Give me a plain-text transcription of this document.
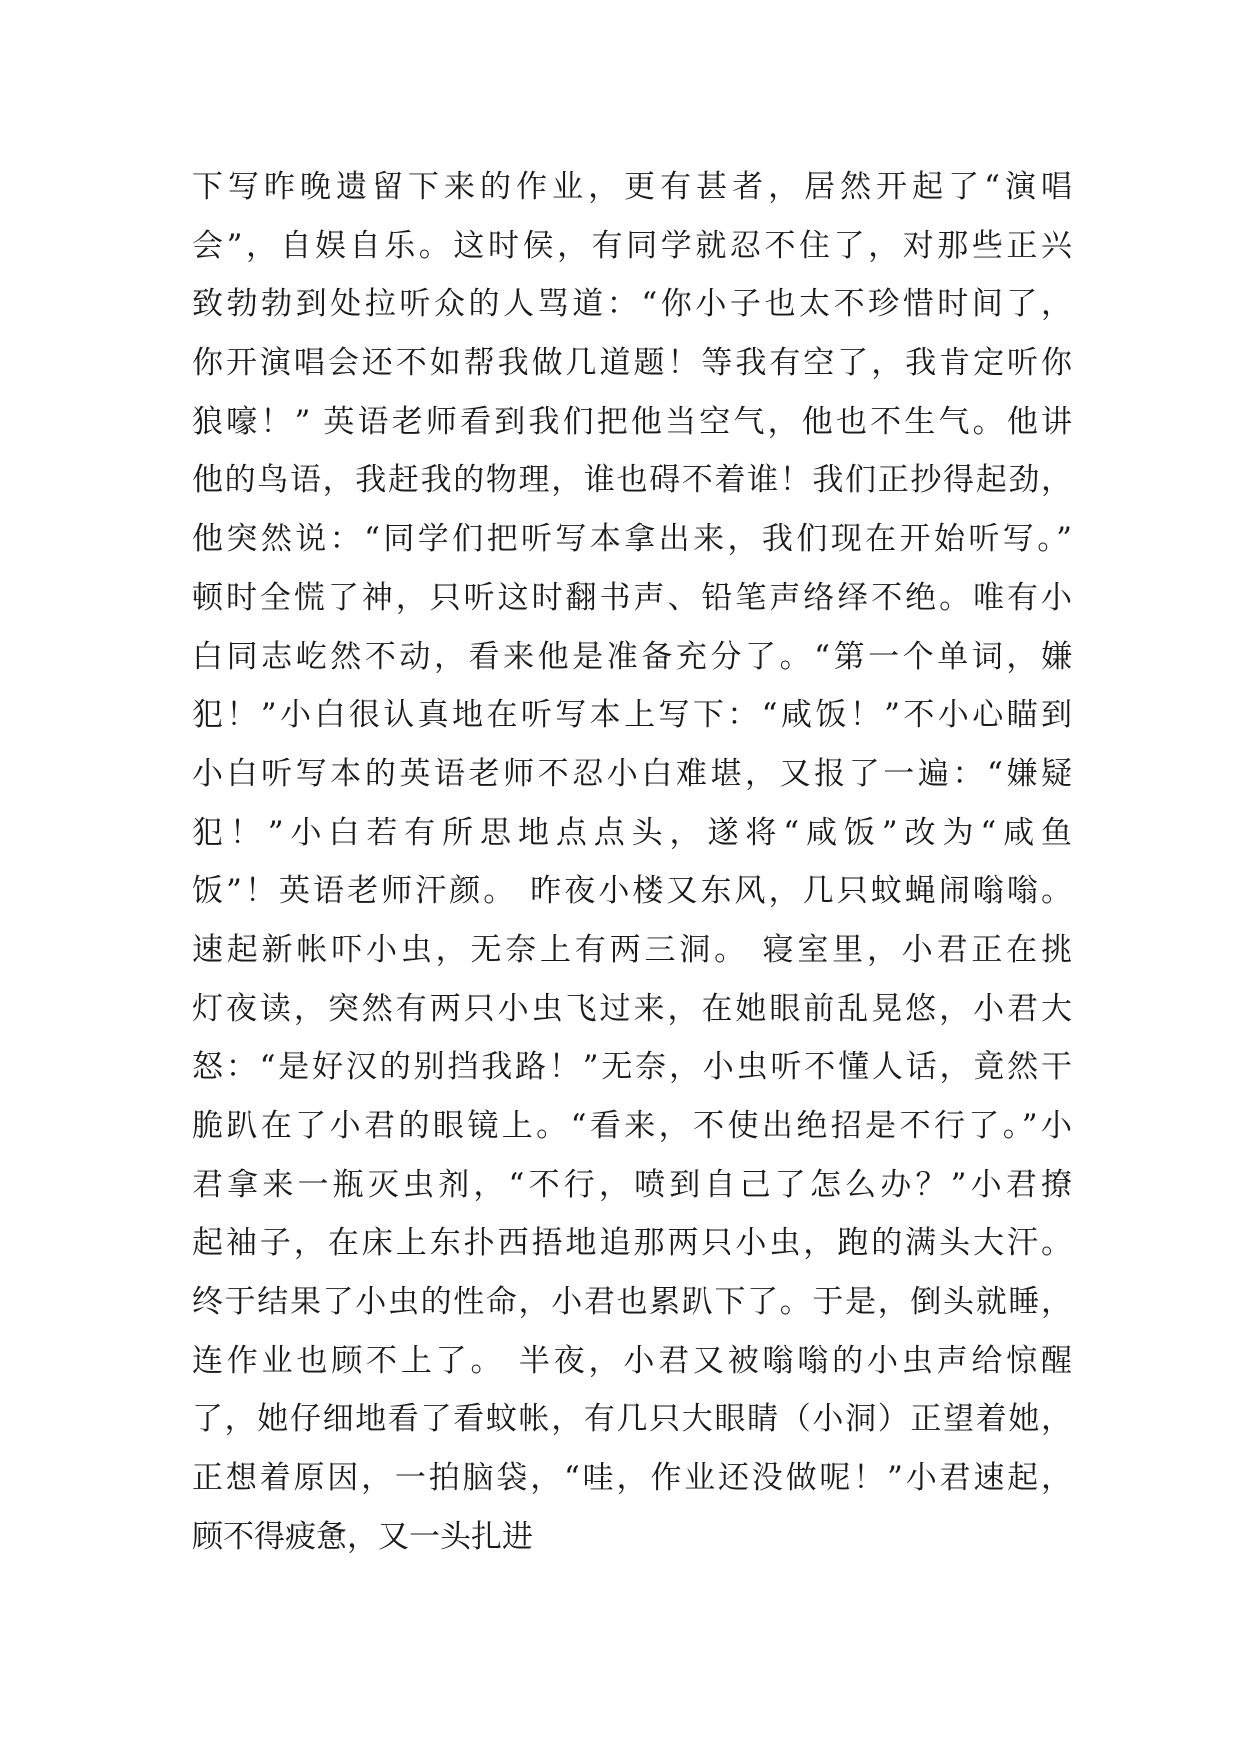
下写昨晚遗留下来的作业，更有甚者，居然开起了“演唱
会”，自娱自乐。这时侯，有同学就忍不住了，对那些正兴
致勃勃到处拉听众的人骂道：“你小子也太不珍惜时间了，
你开演唱会还不如帮我做几道题！等我有空了，我肯定听你
狼嚎！” 英语老师看到我们把他当空气，他也不生气。他讲
他的鸟语，我赶我的物理，谁也碍不着谁！我们正抄得起劲，
他突然说：“同学们把听写本拿出来，我们现在开始听写。”
顿时全慌了神，只听这时翻书声、铅笔声络绎不绝。唯有小
白同志屹然不动，看来他是准备充分了。“第一个单词，嫌
犯！”小白很认真地在听写本上写下：“咸饭！”不小心瞄到
小白听写本的英语老师不忍小白难堪，又报了一遍：“嫌疑
犯！”小白若有所思地点点头，遂将“咸饭”改为“咸鱼
饭”！英语老师汗颜。 昨夜小楼又东风，几只蚊蝇闹嗡嗡。
速起新帐吓小虫，无奈上有两三洞。 寝室里，小君正在挑
灯夜读，突然有两只小虫飞过来，在她眼前乱晃悠，小君大
怒：“是好汉的别挡我路！”无奈，小虫听不懂人话，竟然干
脆趴在了小君的眼镜上。“看来，不使出绝招是不行了。”小
君拿来一瓶灭虫剂，“不行，喷到自己了怎么办？”小君撩
起袖子，在床上东扑西捂地追那两只小虫，跑的满头大汗。
终于结果了小虫的性命，小君也累趴下了。于是，倒头就睡，
连作业也顾不上了。 半夜，小君又被嗡嗡的小虫声给惊醒
了，她仔细地看了看蚊帐，有几只大眼睛（小洞）正望着她，
正想着原因，一拍脑袋，“哇，作业还没做呢！”小君速起，
顾不得疲惫，又一头扎进
